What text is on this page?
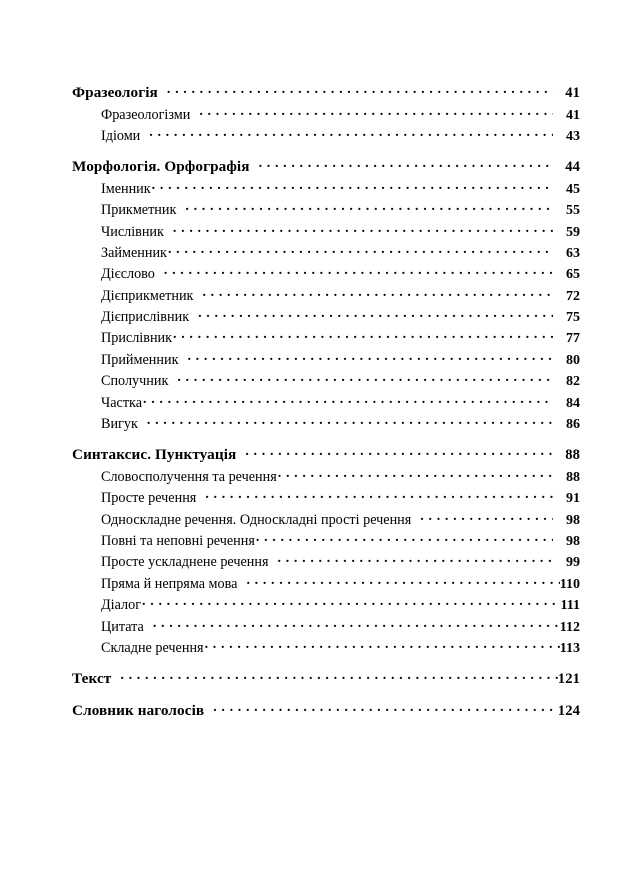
Фразеологія . . .	41
Фразеологізми . . .	41
Ідіоми . . .	43
Морфологія. Орфографія . . .	44
Іменник . . .	45
Прикметник . . .	55
Числівник . . .	59
Займенник . . .	63
Дієслово . . .	65
Дієприкметник . . .	72
Дієприслівник . . .	75
Прислівник . . .	77
Прийменник . . .	80
Сполучник . . .	82
Частка . . .	84
Вигук . . .	86
Синтаксис. Пунктуація . . .	88
Словосполучення та речення . . .	88
Просте речення . . .	91
Односкладне речення. Односкладні прості речення . . .	98
Повні та неповні речення . . .	98
Просте ускладнене речення . . .	99
Пряма й непряма мова . . .	110
Діалог . . .	111
Цитата . . .	112
Складне речення . . .	113
Текст . . .	121
Словник наголосів . . .	124
